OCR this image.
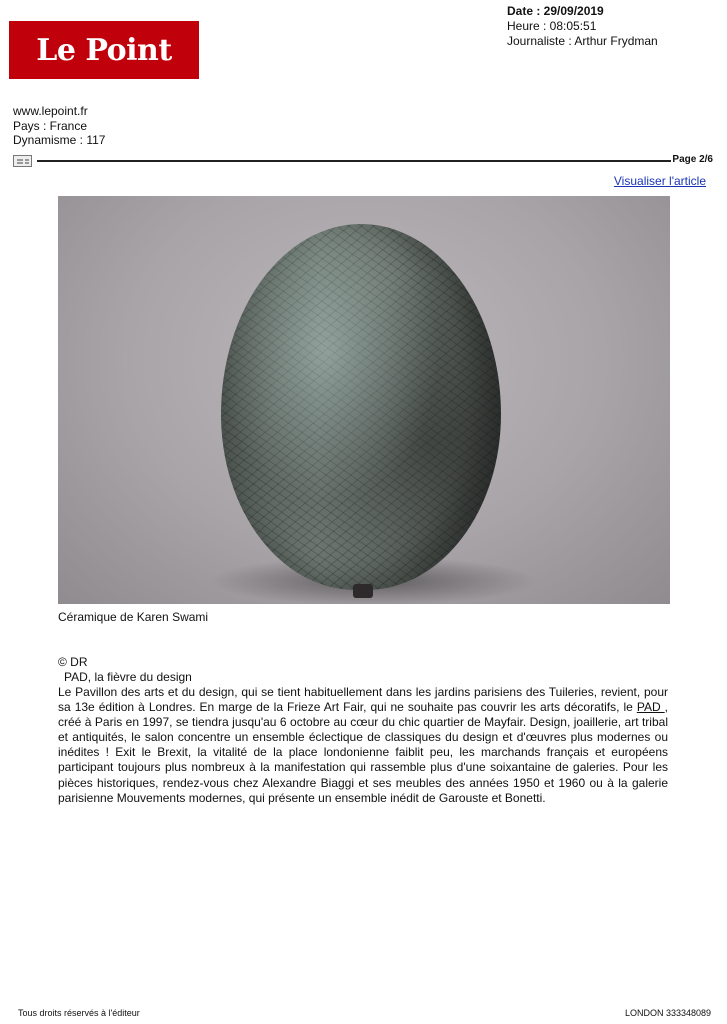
Le Point
Date : 29/09/2019
Heure : 08:05:51
Journaliste : Arthur Frydman
www.lepoint.fr
Pays : France
Dynamisme : 117
Page 2/6
Visualiser l'article
Céramique de Karen Swami
© DR
PAD, la fièvre du design
Le Pavillon des arts et du design, qui se tient habituellement dans les jardins parisiens des Tuileries, revient, pour sa 13e édition à Londres. En marge de la Frieze Art Fair, qui ne souhaite pas couvrir les arts décoratifs, le PAD , créé à Paris en 1997, se tiendra jusqu'au 6 octobre au cœur du chic quartier de Mayfair. Design, joaillerie, art tribal et antiquités, le salon concentre un ensemble éclectique de classiques du design et d'œuvres plus modernes ou inédites ! Exit le Brexit, la vitalité de la place londonienne faiblit peu, les marchands français et européens participant toujours plus nombreux à la manifestation qui rassemble plus d'une soixantaine de galeries. Pour les pièces historiques, rendez-vous chez Alexandre Biaggi et ses meubles des années 1950 et 1960 ou à la galerie parisienne Mouvements modernes, qui présente un ensemble inédit de Garouste et Bonetti.
Tous droits réservés à l'éditeur	LONDON 333348089
